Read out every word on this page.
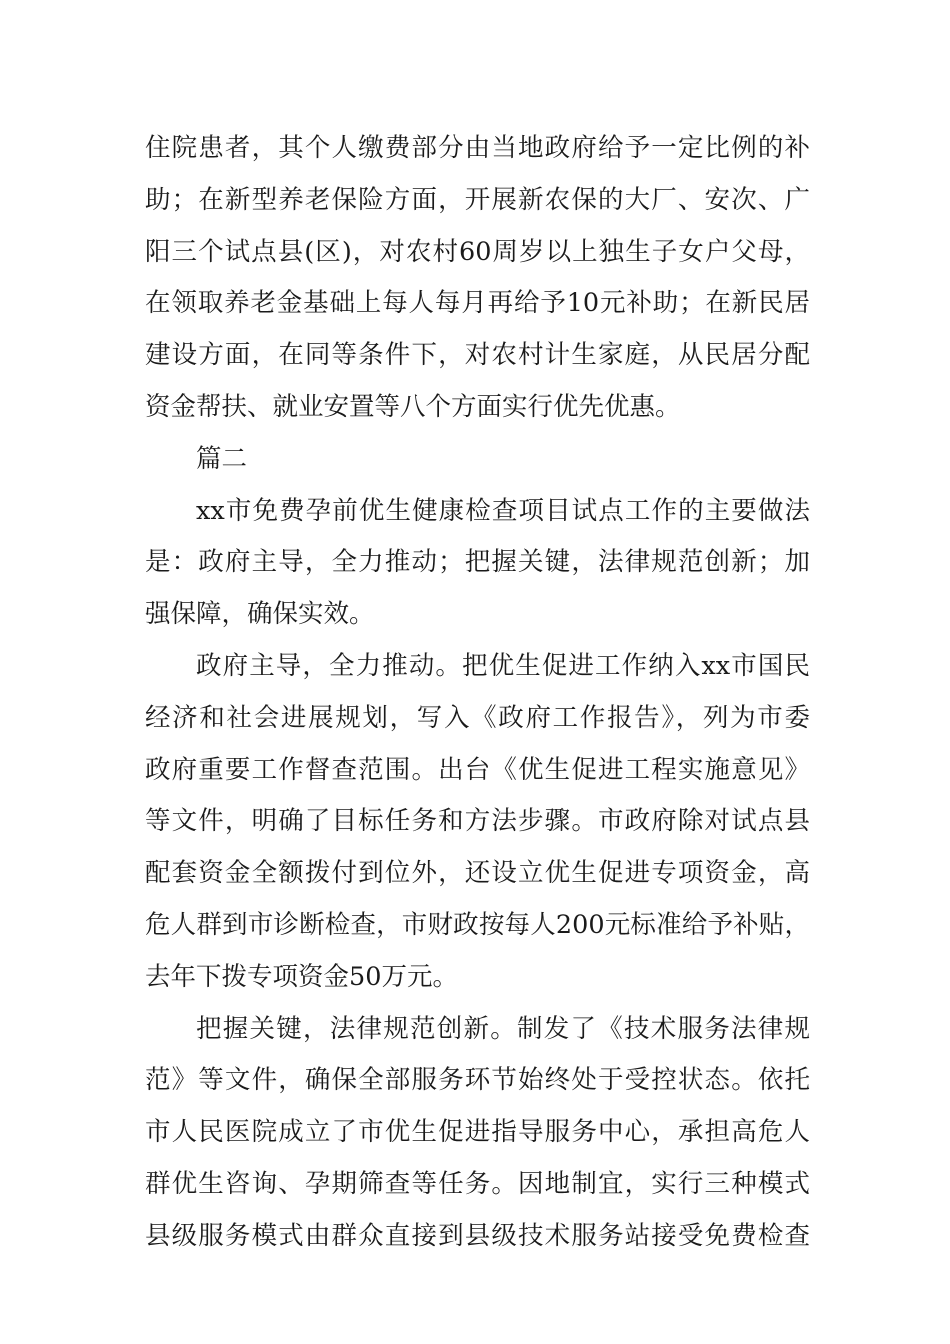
住院患者，其个人缴费部分由当地政府给予一定比例的补
助；在新型养老保险方面，开展新农保的大厂、安次、广
阳三个试点县(区)，对农村60周岁以上独生子女户父母，
在领取养老金基础上每人每月再给予10元补助；在新民居
建设方面，在同等条件下，对农村计生家庭，从民居分配
资金帮扶、就业安置等八个方面实行优先优惠。
篇二
xx市免费孕前优生健康检查项目试点工作的主要做法
是：政府主导，全力推动；把握关键，法律规范创新；加
强保障，确保实效。
政府主导，全力推动。把优生促进工作纳入xx市国民
经济和社会进展规划，写入《政府工作报告》，列为市委
政府重要工作督查范围。出台《优生促进工程实施意见》
等文件，明确了目标任务和方法步骤。市政府除对试点县
配套资金全额拨付到位外，还设立优生促进专项资金，高
危人群到市诊断检查，市财政按每人200元标准给予补贴，
去年下拨专项资金50万元。
把握关键，法律规范创新。制发了《技术服务法律规
范》等文件，确保全部服务环节始终处于受控状态。依托
市人民医院成立了市优生促进指导服务中心，承担高危人
群优生咨询、孕期筛查等任务。因地制宜，实行三种模式
县级服务模式由群众直接到县级技术服务站接受免费检查
